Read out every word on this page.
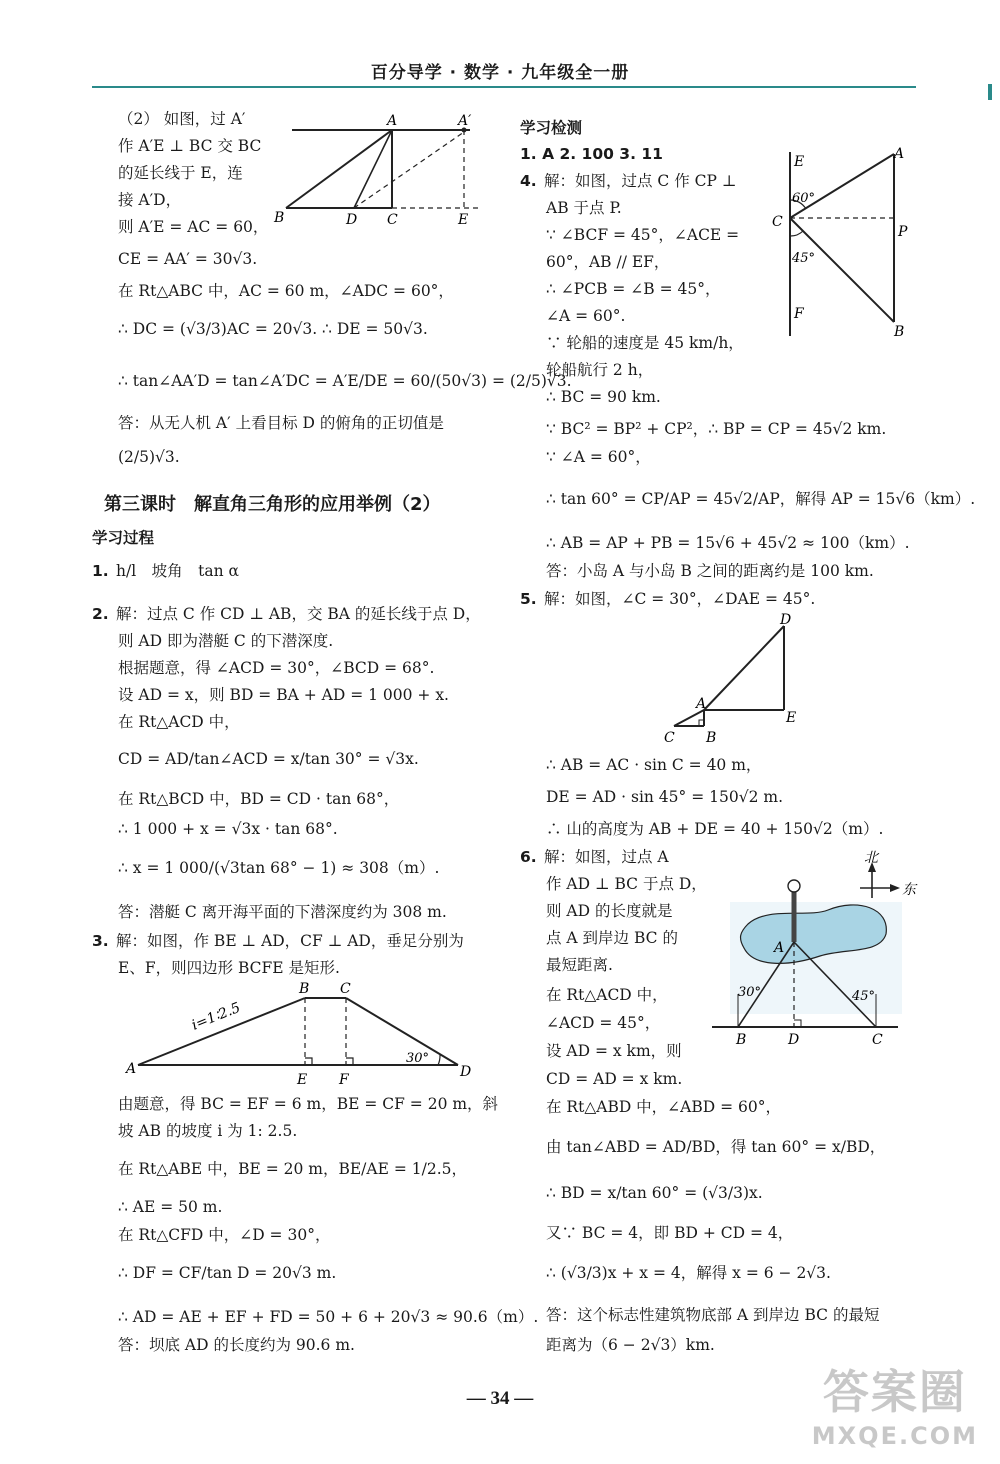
百分导学 · 数学 · 九年级全一册
（2） 如图，过 A′
作 A′E ⊥ BC 交 BC
的延长线于 E，连
接 A′D，
则 A′E = AC = 60，
CE = AA′ = 30√3.
在 Rt△ABC 中，AC = 60 m，∠ADC = 60°，
∴ DC = (√3/3)AC = 20√3. ∴ DE = 50√3.
∴ tan∠AA′D = tan∠A′DC = A′E/DE = 60/(50√3) = (2/5)√3.
答：从无人机 A′ 上看目标 D 的俯角的正切值是
(2/5)√3.
第三课时　解直角三角形的应用举例（2）
学习过程
1. h/l　坡角　tan α
2. 解：过点 C 作 CD ⊥ AB，交 BA 的延长线于点 D，
则 AD 即为潜艇 C 的下潜深度.
根据题意，得 ∠ACD = 30°，∠BCD = 68°.
设 AD = x，则 BD = BA + AD = 1 000 + x.
在 Rt△ACD 中，
CD = AD/tan∠ACD = x/tan 30° = √3x.
在 Rt△BCD 中，BD = CD · tan 68°，
∴ 1 000 + x = √3x · tan 68°.
∴ x = 1 000/(√3tan 68° − 1) ≈ 308（m）.
答：潜艇 C 离开海平面的下潜深度约为 308 m.
3. 解：如图，作 BE ⊥ AD，CF ⊥ AD，垂足分别为
E、F，则四边形 BCFE 是矩形.
由题意，得 BC = EF = 6 m，BE = CF = 20 m，斜
坡 AB 的坡度 i 为 1: 2.5.
在 Rt△ABE 中，BE = 20 m，BE/AE = 1/2.5，
∴ AE = 50 m.
在 Rt△CFD 中，∠D = 30°，
∴ DF = CF/tan D = 20√3 m.
∴ AD = AE + EF + FD = 50 + 6 + 20√3 ≈ 90.6（m）.
答：坝底 AD 的长度约为 90.6 m.
A	A′
B	D C	E
B C
A
E F	D
i=1∶2.5
30°
学习检测
1. A 2. 100 3. 11
4. 解：如图，过点 C 作 CP ⊥
AB 于点 P.
∵ ∠BCF = 45°，∠ACE =
60°，AB // EF，
∴ ∠PCB = ∠B = 45°，
∠A = 60°.
∵ 轮船的速度是 45 km/h，
轮船航行 2 h，
∴ BC = 90 km.
∵ BC² = BP² + CP²，∴ BP = CP = 45√2 km.
∵ ∠A = 60°，
∴ tan 60° = CP/AP = 45√2/AP，解得 AP = 15√6（km）.
∴ AB = AP + PB = 15√6 + 45√2 ≈ 100（km）.
答：小岛 A 与小岛 B 之间的距离约是 100 km.
5. 解：如图，∠C = 30°，∠DAE = 45°.
∴ AB = AC · sin C = 40 m，
DE = AD · sin 45° = 150√2 m.
∴ 山的高度为 AB + DE = 40 + 150√2（m）.
6. 解：如图，过点 A
作 AD ⊥ BC 于点 D，
则 AD 的长度就是
点 A 到岸边 BC 的
最短距离.
在 Rt△ACD 中，
∠ACD = 45°，
设 AD = x km，则
CD = AD = x km.
在 Rt△ABD 中，∠ABD = 60°，
由 tan∠ABD = AD/BD，得 tan 60° = x/BD，
∴ BD = x/tan 60° = (√3/3)x.
又∵ BC = 4，即 BD + CD = 4，
∴ (√3/3)x + x = 4，解得 x = 6 − 2√3.
答：这个标志性建筑物底部 A 到岸边 BC 的最短
距离为（6 − 2√3）km.
E	A
60°
C
P
45°
F
B
D
A
E
C B
北
东
A
30°	45°
B	D	C
— 34 —	答案圈
MXQE.COM
